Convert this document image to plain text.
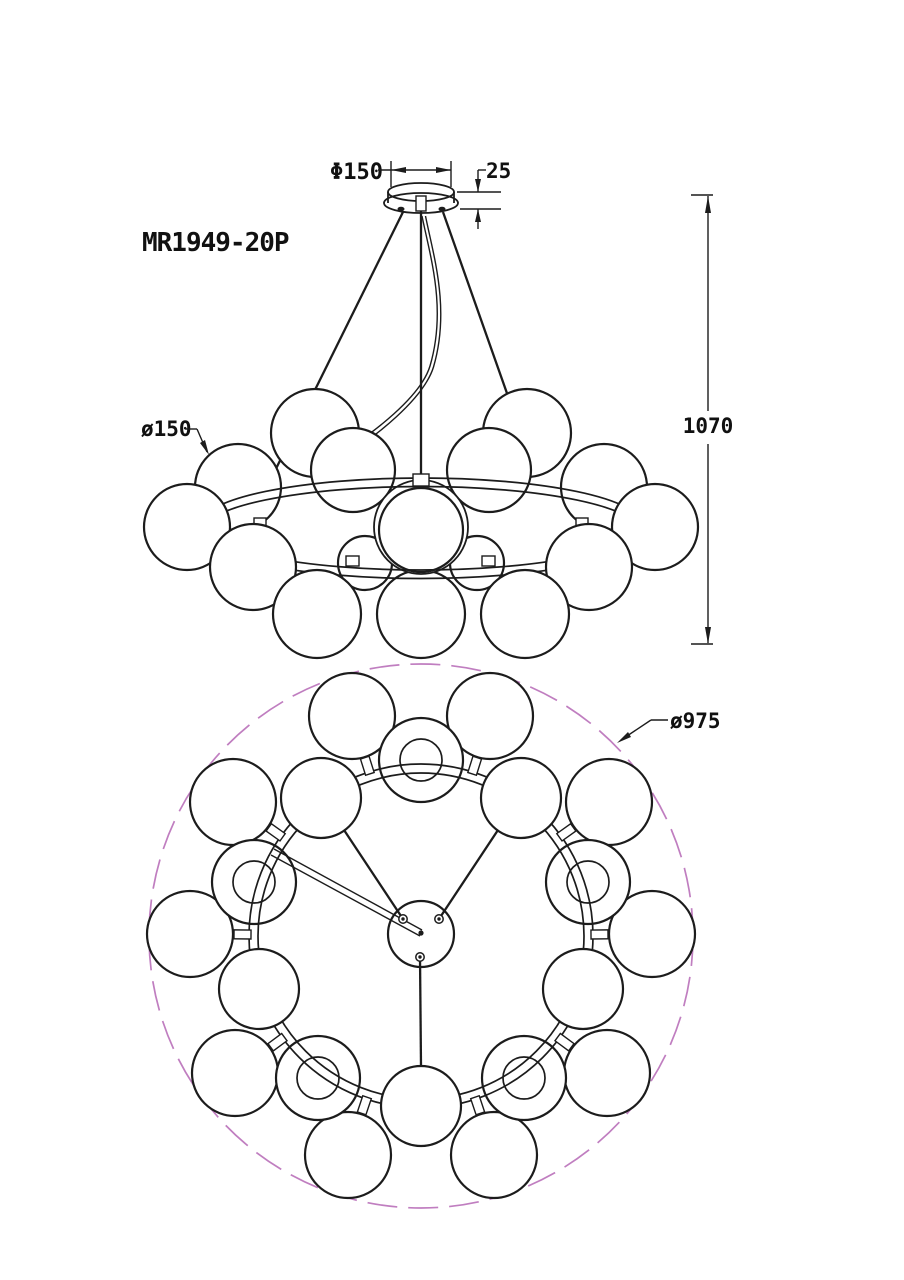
Φ150	25
1070
ø150
MR1949-20P
ø975
